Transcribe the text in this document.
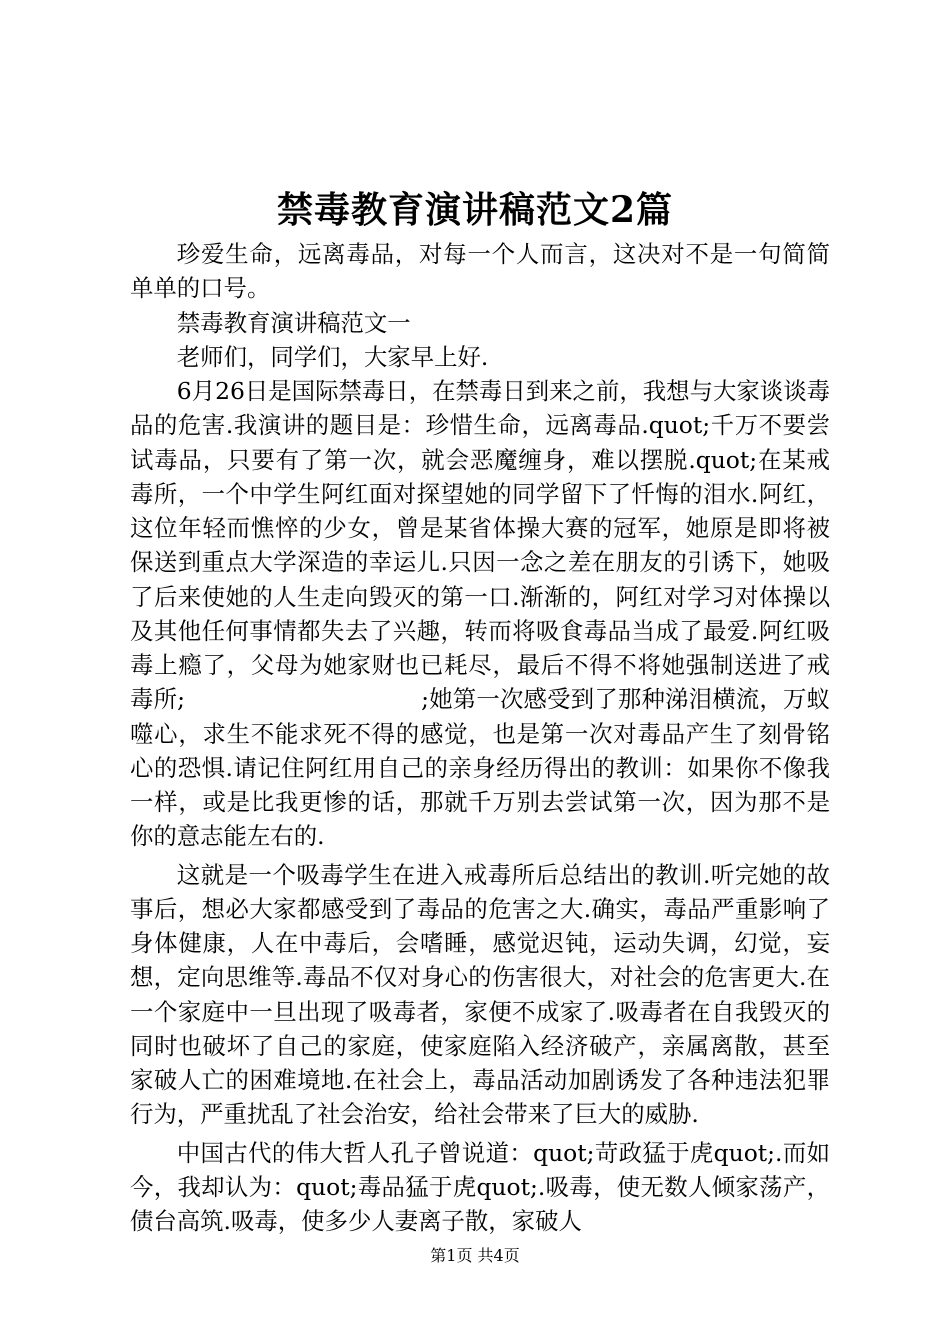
禁毒教育演讲稿范文2篇

珍爱生命，远离毒品，对每一个人而言，这决对不是一句简简单单的口号。

禁毒教育演讲稿范文一

老师们，同学们，大家早上好.

6月26日是国际禁毒日，在禁毒日到来之前，我想与大家谈谈毒品的危害.我演讲的题目是：珍惜生命，远离毒品.quot;千万不要尝试毒品，只要有了第一次，就会恶魔缠身，难以摆脱.quot;在某戒毒所，一个中学生阿红面对探望她的同学留下了忏悔的泪水.阿红，这位年轻而憔悴的少女，曾是某省体操大赛的冠军，她原是即将被保送到重点大学深造的幸运儿.只因一念之差在朋友的引诱下，她吸了后来使她的人生走向毁灭的第一口.渐渐的，阿红对学习对体操以及其他任何事情都失去了兴趣，转而将吸食毒品当成了最爱.阿红吸毒上瘾了，父母为她家财也已耗尽，最后不得不将她强制送进了戒毒所;　　　　　　　　　　;她第一次感受到了那种涕泪横流，万蚁噬心，求生不能求死不得的感觉，也是第一次对毒品产生了刻骨铭心的恐惧.请记住阿红用自己的亲身经历得出的教训：如果你不像我一样，或是比我更惨的话，那就千万别去尝试第一次，因为那不是你的意志能左右的.

这就是一个吸毒学生在进入戒毒所后总结出的教训.听完她的故事后，想必大家都感受到了毒品的危害之大.确实，毒品严重影响了身体健康，人在中毒后，会嗜睡，感觉迟钝，运动失调，幻觉，妄想，定向思维等.毒品不仅对身心的伤害很大，对社会的危害更大.在一个家庭中一旦出现了吸毒者，家便不成家了.吸毒者在自我毁灭的同时也破坏了自己的家庭，使家庭陷入经济破产，亲属离散，甚至家破人亡的困难境地.在社会上，毒品活动加剧诱发了各种违法犯罪行为，严重扰乱了社会治安，给社会带来了巨大的威胁.

中国古代的伟大哲人孔子曾说道：quot;苛政猛于虎quot;.而如今，我却认为：quot;毒品猛于虎quot;.吸毒，使无数人倾家荡产，债台高筑.吸毒，使多少人妻离子散，家破人

第1页 共4页
